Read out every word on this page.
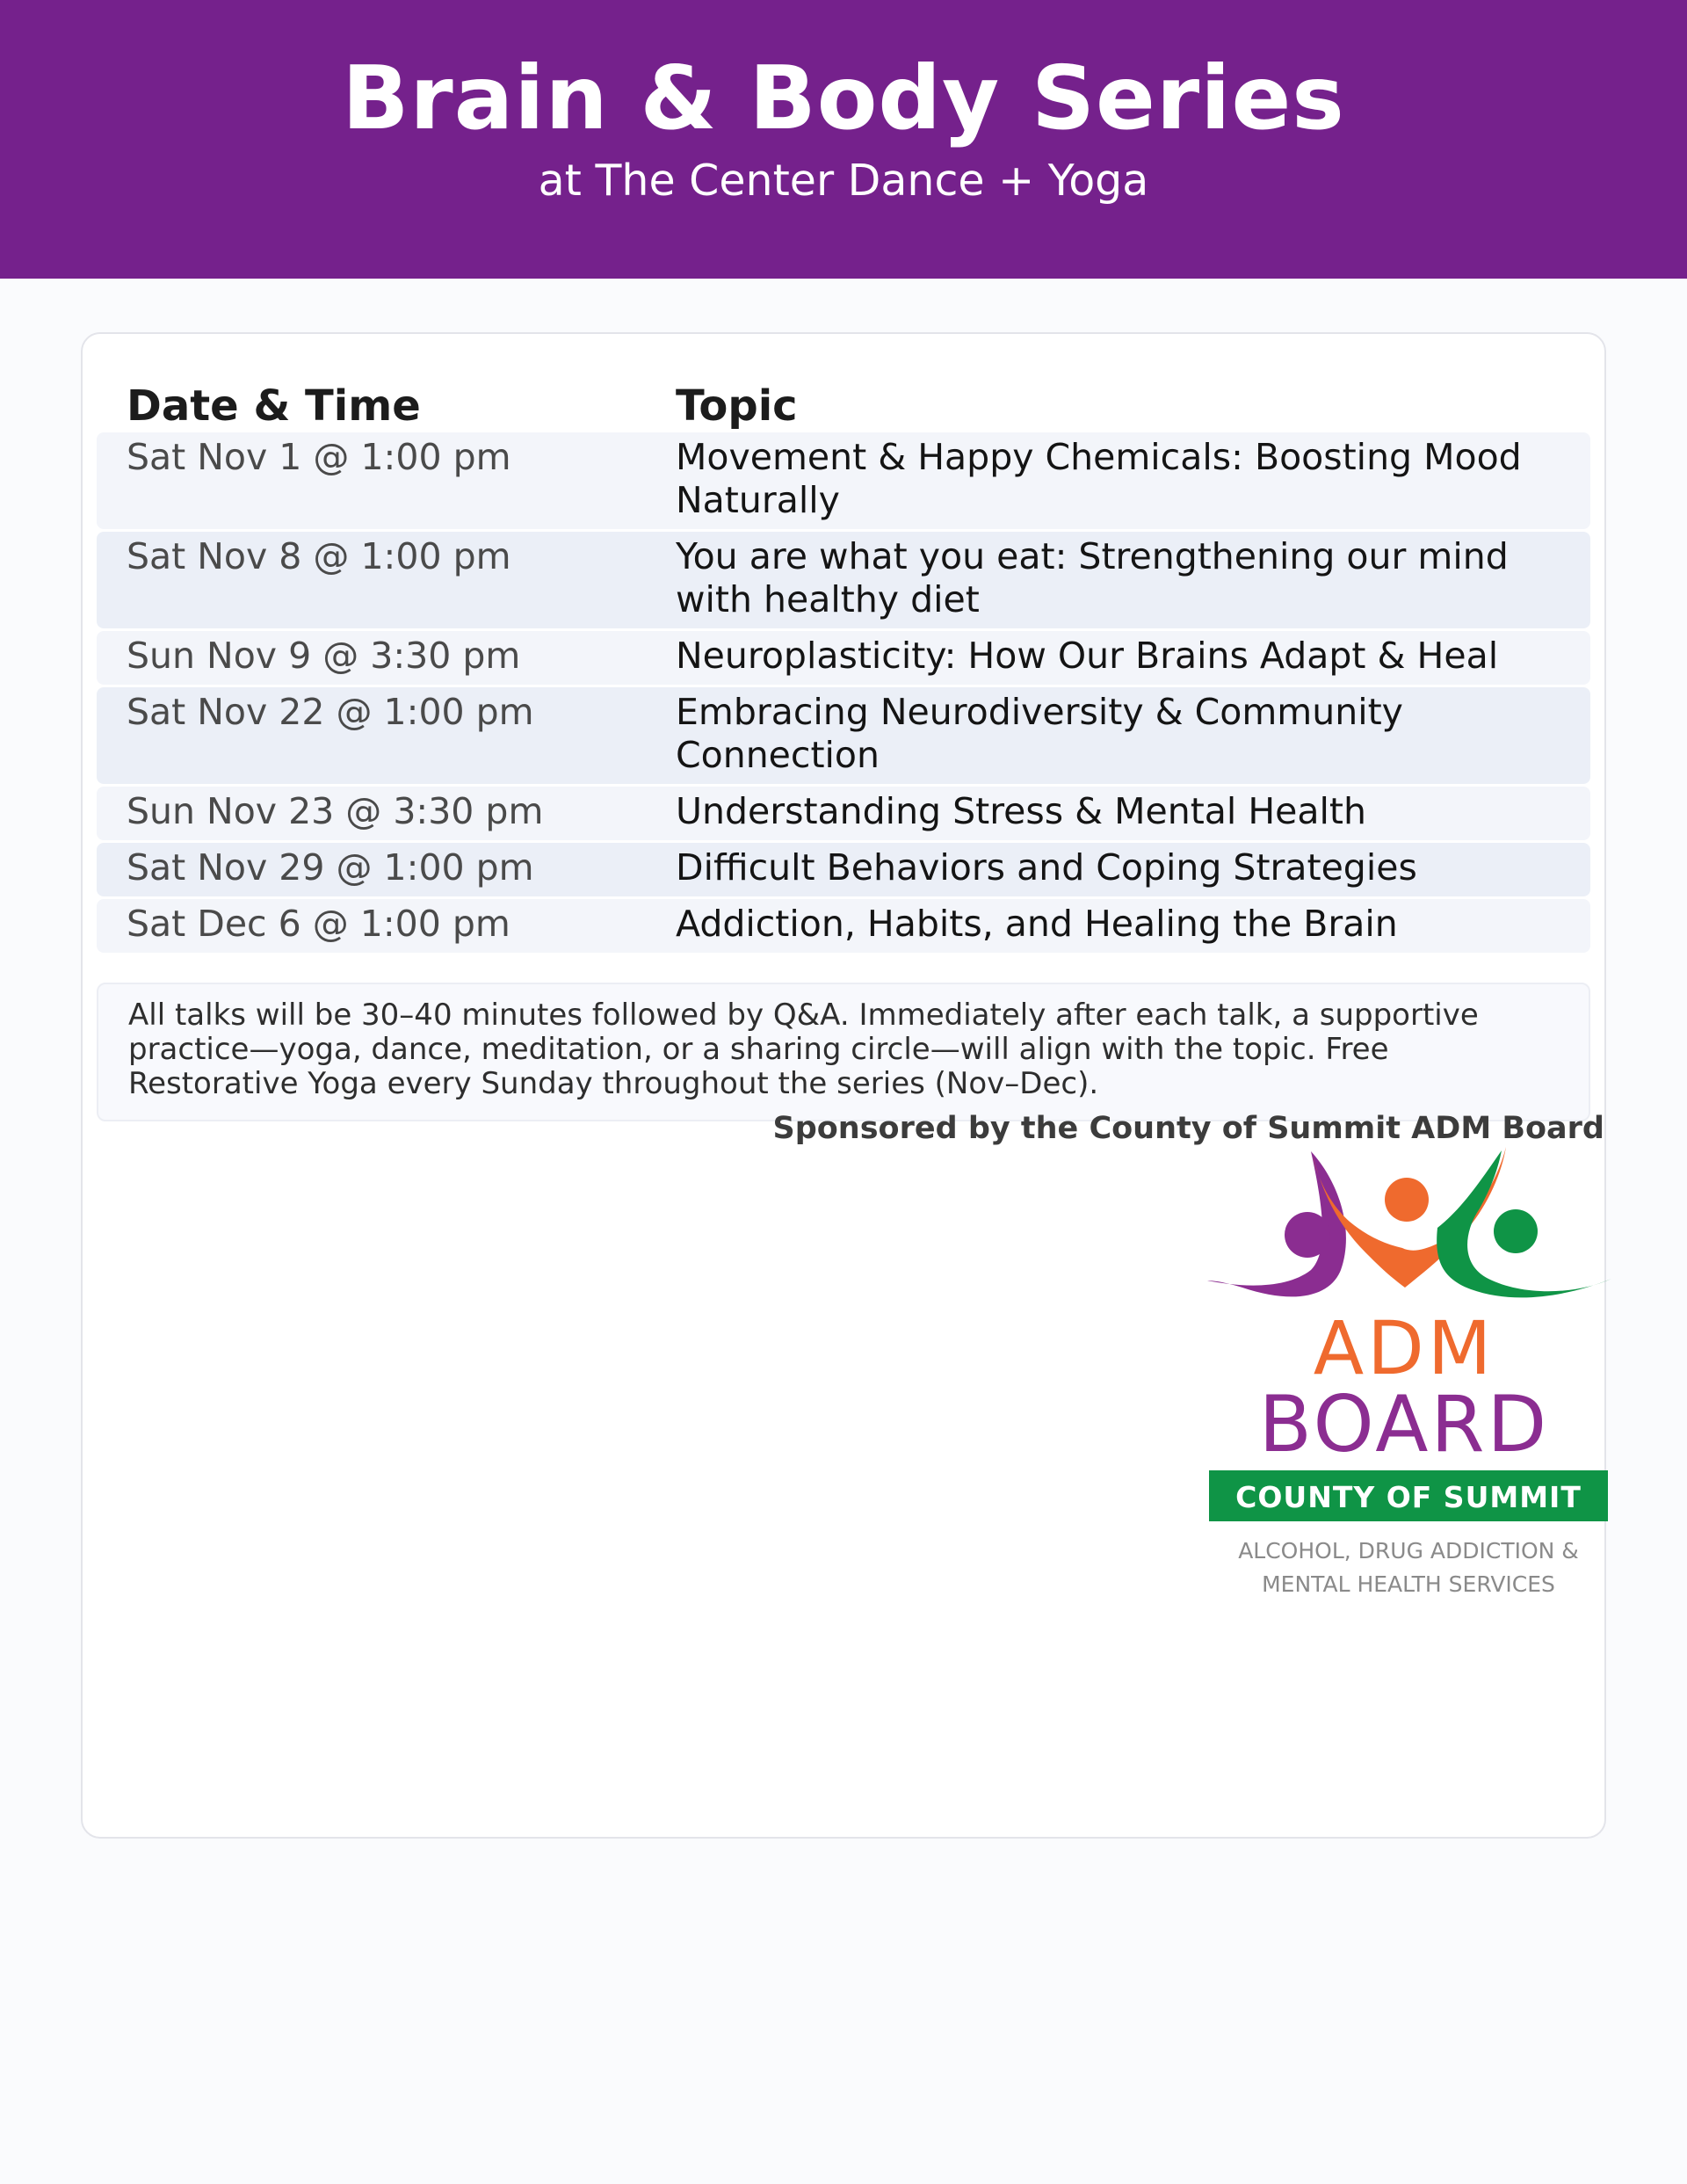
Brain & Body Series
at The Center Dance + Yoga
Date & Time	Topic
Sat Nov 1 @ 1:00 pm	Movement & Happy Chemicals: Boosting Mood Naturally
Sat Nov 8 @ 1:00 pm	You are what you eat: Strengthening our mind with healthy diet
Sun Nov 9 @ 3:30 pm	Neuroplasticity: How Our Brains Adapt & Heal
Sat Nov 22 @ 1:00 pm	Embracing Neurodiversity & Community Connection
Sun Nov 23 @ 3:30 pm	Understanding Stress & Mental Health
Sat Nov 29 @ 1:00 pm	Difficult Behaviors and Coping Strategies
Sat Dec 6 @ 1:00 pm	Addiction, Habits, and Healing the Brain
All talks will be 30–40 minutes followed by Q&A. Immediately after each talk, a supportive practice—yoga, dance, meditation, or a sharing circle—will align with the topic. Free Restorative Yoga every Sunday throughout the series (Nov–Dec).
Sponsored by the County of Summit ADM Board
ADM
BOARD
COUNTY OF SUMMIT
ALCOHOL, DRUG ADDICTION &
MENTAL HEALTH SERVICES
